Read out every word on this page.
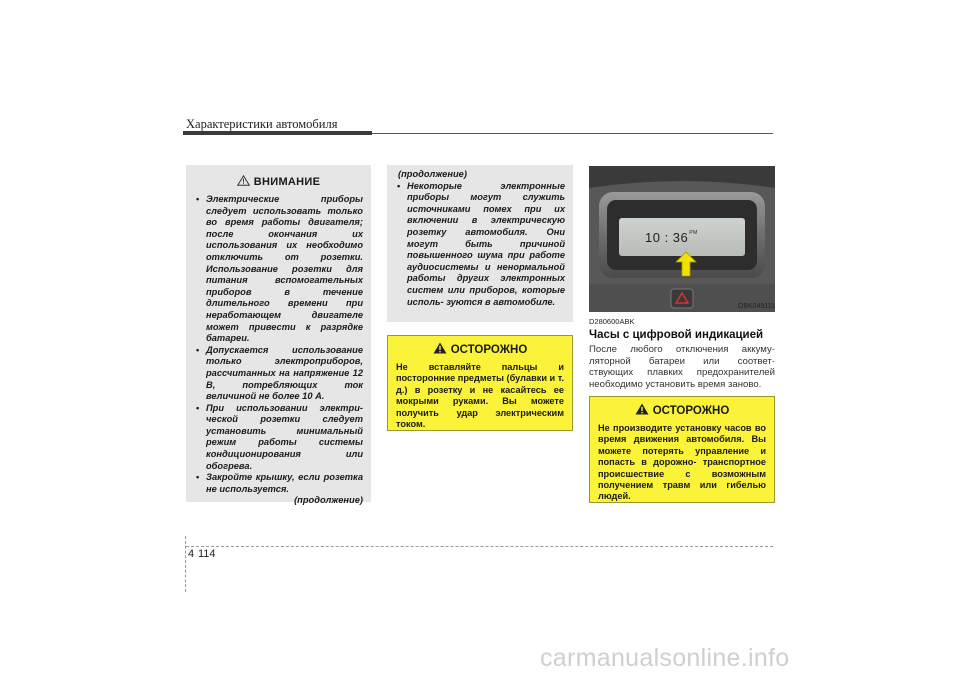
Характеристики автомобиля
ВНИМАНИЕ
• Электрические приборы следует использовать только во время работы двигателя; после окончания их использования их необходимо отключить от розетки. Использование розетки для питания вспомогательных приборов в течение длительного времени при неработающем двигателе может привести к разрядке батареи.
• Допускается использование только электроприборов, рассчитанных на напряжение 12 В, потребляющих ток величиной не более 10 А.
• При использовании электри- ческой розетки следует установить минимальный режим работы системы кондиционирования или обогрева.
• Закройте крышку, если розетка не используется.
(продолжение)
(продолжение)
• Некоторые электронные приборы могут служить источниками помех при их включении в электрическую розетку автомобиля. Они могут быть причиной повышенного шума при работе аудиосистемы и ненормальной работы других электронных систем или приборов, которые исполь- зуются в автомобиле.
ОСТОРОЖНО
Не вставляйте пальцы и посторонние предметы (булавки и т. д.) в розетку и не касайтесь ее мокрыми руками. Вы можете получить удар электрическим током.
10 : $36^{PM}$
OBK049111
D280600ABK
Часы с цифровой индикацией
После любого отключения аккуму- ляторной батареи или соответ- ствующих плавких предохранителей необходимо установить время заново.
ОСТОРОЖНО
Не производите установку часов во время движения автомобиля. Вы можете потерять управление и попасть в дорожно- транспортное происшествие с возможным получением травм или гибелью людей.
4 114
carmanualsonline.info
